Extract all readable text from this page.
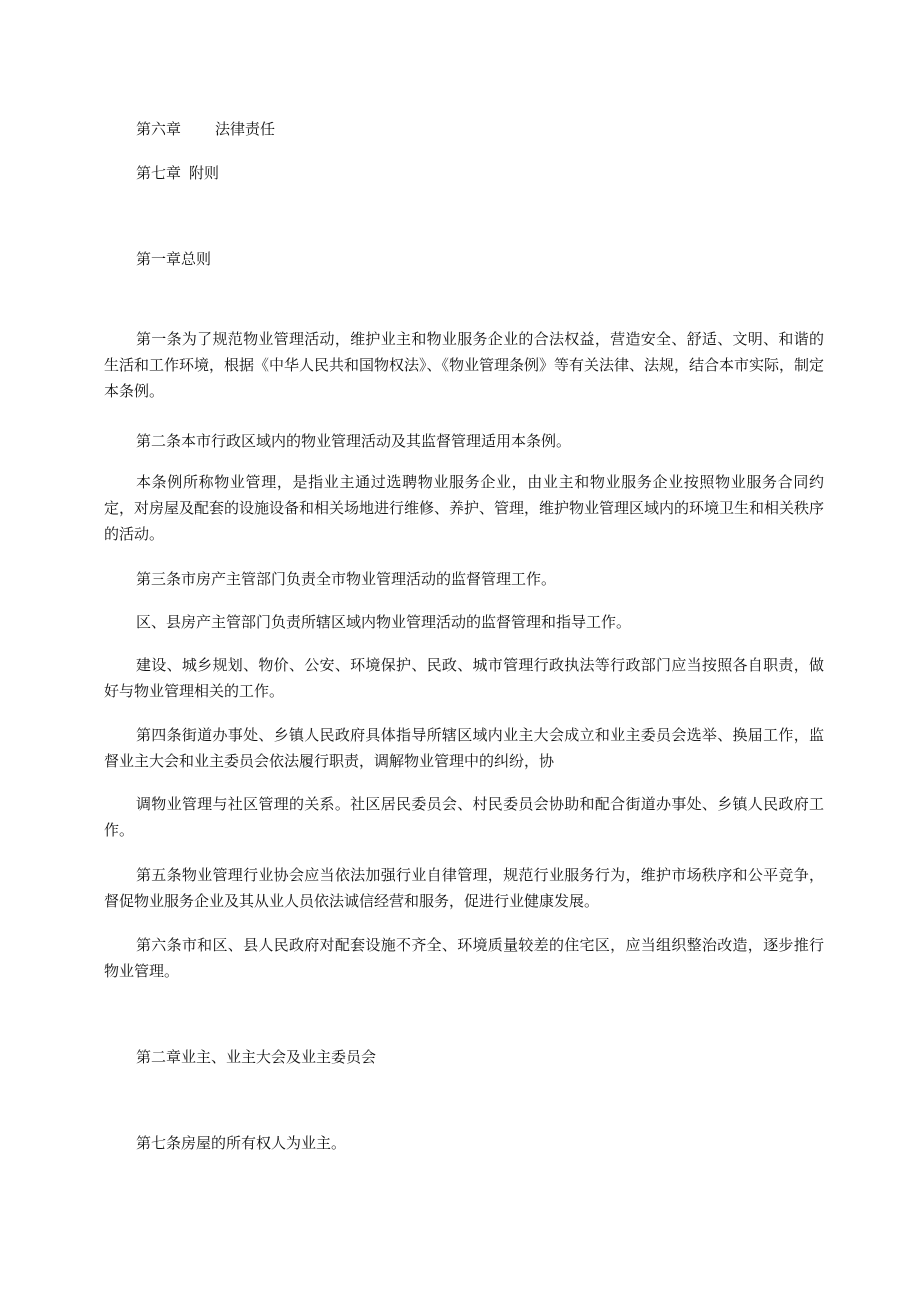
第六章 法律责任
第七章 附则
第一章总则
第一条为了规范物业管理活动，维护业主和物业服务企业的合法权益，营造安全、舒适、文明、和谐的生活和工作环境，根据《中华人民共和国物权法》、《物业管理条例》等有关法律、法规，结合本市实际，制定本条例。
第二条本市行政区域内的物业管理活动及其监督管理适用本条例。
本条例所称物业管理，是指业主通过选聘物业服务企业，由业主和物业服务企业按照物业服务合同约定，对房屋及配套的设施设备和相关场地进行维修、养护、管理，维护物业管理区域内的环境卫生和相关秩序的活动。
第三条市房产主管部门负责全市物业管理活动的监督管理工作。
区、县房产主管部门负责所辖区域内物业管理活动的监督管理和指导工作。
建设、城乡规划、物价、公安、环境保护、民政、城市管理行政执法等行政部门应当按照各自职责，做好与物业管理相关的工作。
第四条街道办事处、乡镇人民政府具体指导所辖区域内业主大会成立和业主委员会选举、换届工作，监督业主大会和业主委员会依法履行职责，调解物业管理中的纠纷，协
调物业管理与社区管理的关系。社区居民委员会、村民委员会协助和配合街道办事处、乡镇人民政府工作。
第五条物业管理行业协会应当依法加强行业自律管理，规范行业服务行为，维护市场秩序和公平竞争，督促物业服务企业及其从业人员依法诚信经营和服务，促进行业健康发展。
第六条市和区、县人民政府对配套设施不齐全、环境质量较差的住宅区，应当组织整治改造，逐步推行物业管理。
第二章业主、业主大会及业主委员会
第七条房屋的所有权人为业主。
